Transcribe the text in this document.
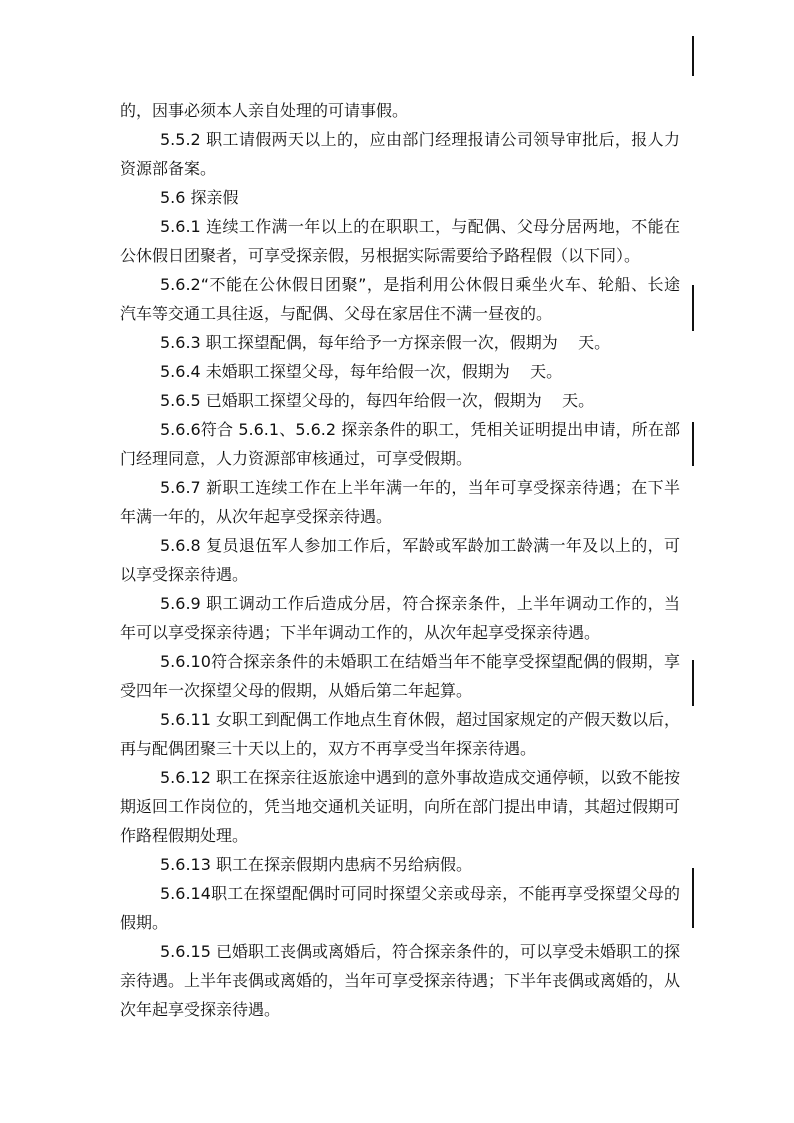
的，因事必须本人亲自处理的可请事假。

5.5.2 职工请假两天以上的，应由部门经理报请公司领导审批后，报人力资源部备案。

5.6 探亲假

5.6.1 连续工作满一年以上的在职职工，与配偶、父母分居两地，不能在公休假日团聚者，可享受探亲假，另根据实际需要给予路程假（以下同）。

5.6.2“不能在公休假日团聚”，是指利用公休假日乘坐火车、轮船、长途汽车等交通工具往返，与配偶、父母在家居住不满一昼夜的。

5.6.3 职工探望配偶，每年给予一方探亲假一次，假期为    天。

5.6.4 未婚职工探望父母，每年给假一次，假期为    天。

5.6.5 已婚职工探望父母的，每四年给假一次，假期为    天。

5.6.6符合 5.6.1、5.6.2 探亲条件的职工，凭相关证明提出申请，所在部门经理同意，人力资源部审核通过，可享受假期。

5.6.7 新职工连续工作在上半年满一年的，当年可享受探亲待遇；在下半年满一年的，从次年起享受探亲待遇。

5.6.8 复员退伍军人参加工作后，军龄或军龄加工龄满一年及以上的，可以享受探亲待遇。

5.6.9 职工调动工作后造成分居，符合探亲条件，上半年调动工作的，当年可以享受探亲待遇；下半年调动工作的，从次年起享受探亲待遇。

5.6.10符合探亲条件的未婚职工在结婚当年不能享受探望配偶的假期，享受四年一次探望父母的假期，从婚后第二年起算。

5.6.11 女职工到配偶工作地点生育休假，超过国家规定的产假天数以后，再与配偶团聚三十天以上的，双方不再享受当年探亲待遇。

5.6.12 职工在探亲往返旅途中遇到的意外事故造成交通停顿，以致不能按期返回工作岗位的，凭当地交通机关证明，向所在部门提出申请，其超过假期可作路程假期处理。

5.6.13 职工在探亲假期内患病不另给病假。

5.6.14职工在探望配偶时可同时探望父亲或母亲，不能再享受探望父母的假期。

5.6.15 已婚职工丧偶或离婚后，符合探亲条件的，可以享受未婚职工的探亲待遇。上半年丧偶或离婚的，当年可享受探亲待遇；下半年丧偶或离婚的，从次年起享受探亲待遇。
